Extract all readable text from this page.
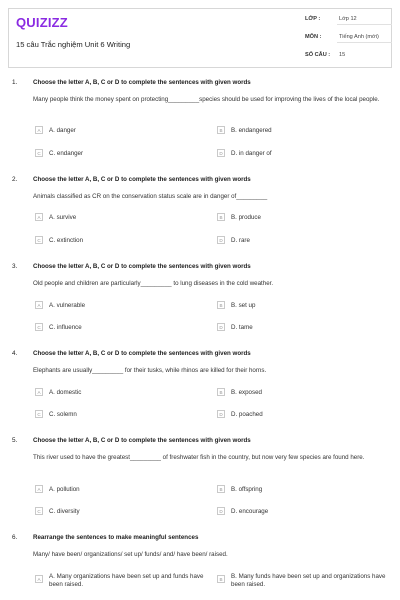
QUIZIZZ
15 câu Trắc nghiệm Unit 6 Writing
LỚP :	Lớp 12
MÔN :	Tiếng Anh (mới)
SỐ CÂU : 15
1.	Choose the letter A, B, C or D to complete the sentences with given words
Many people think the money spent on protecting_________species should be used for improving the lives of the local people.
A	A. danger	B	B. endangered
C	C. endanger	D	D. in danger of
2.	Choose the letter A, B, C or D to complete the sentences with given words
Animals classified as CR on the conservation status scale are in danger of_________
A	A. survive	B	B. produce
C	C. extinction	D	D. rare
3.	Choose the letter A, B, C or D to complete the sentences with given words
Old people and children are particularly_________ to lung diseases in the cold weather.
A	A. vulnerable	B	B. set up
C	C. influence	D	D. tame
4.	Choose the letter A, B, C or D to complete the sentences with given words
Elephants are usually_________ for their tusks, while rhinos are killed for their horns.
A	A. domestic	B	B. exposed
C	C. solemn	D	D. poached
5.	Choose the letter A, B, C or D to complete the sentences with given words
This river used to have the greatest_________ of freshwater fish in the country, but now very few species are found here.
A	A. pollution	B	B. offspring
C	C. diversity	D	D. encourage
6.	Rearrange the sentences to make meaningful sentences
Many/ have been/ organizations/ set up/ funds/ and/ have been/ raised.
A	A. Many organizations have been set up and funds have been raised.
B	B. Many funds have been set up and organizations have been raised.
